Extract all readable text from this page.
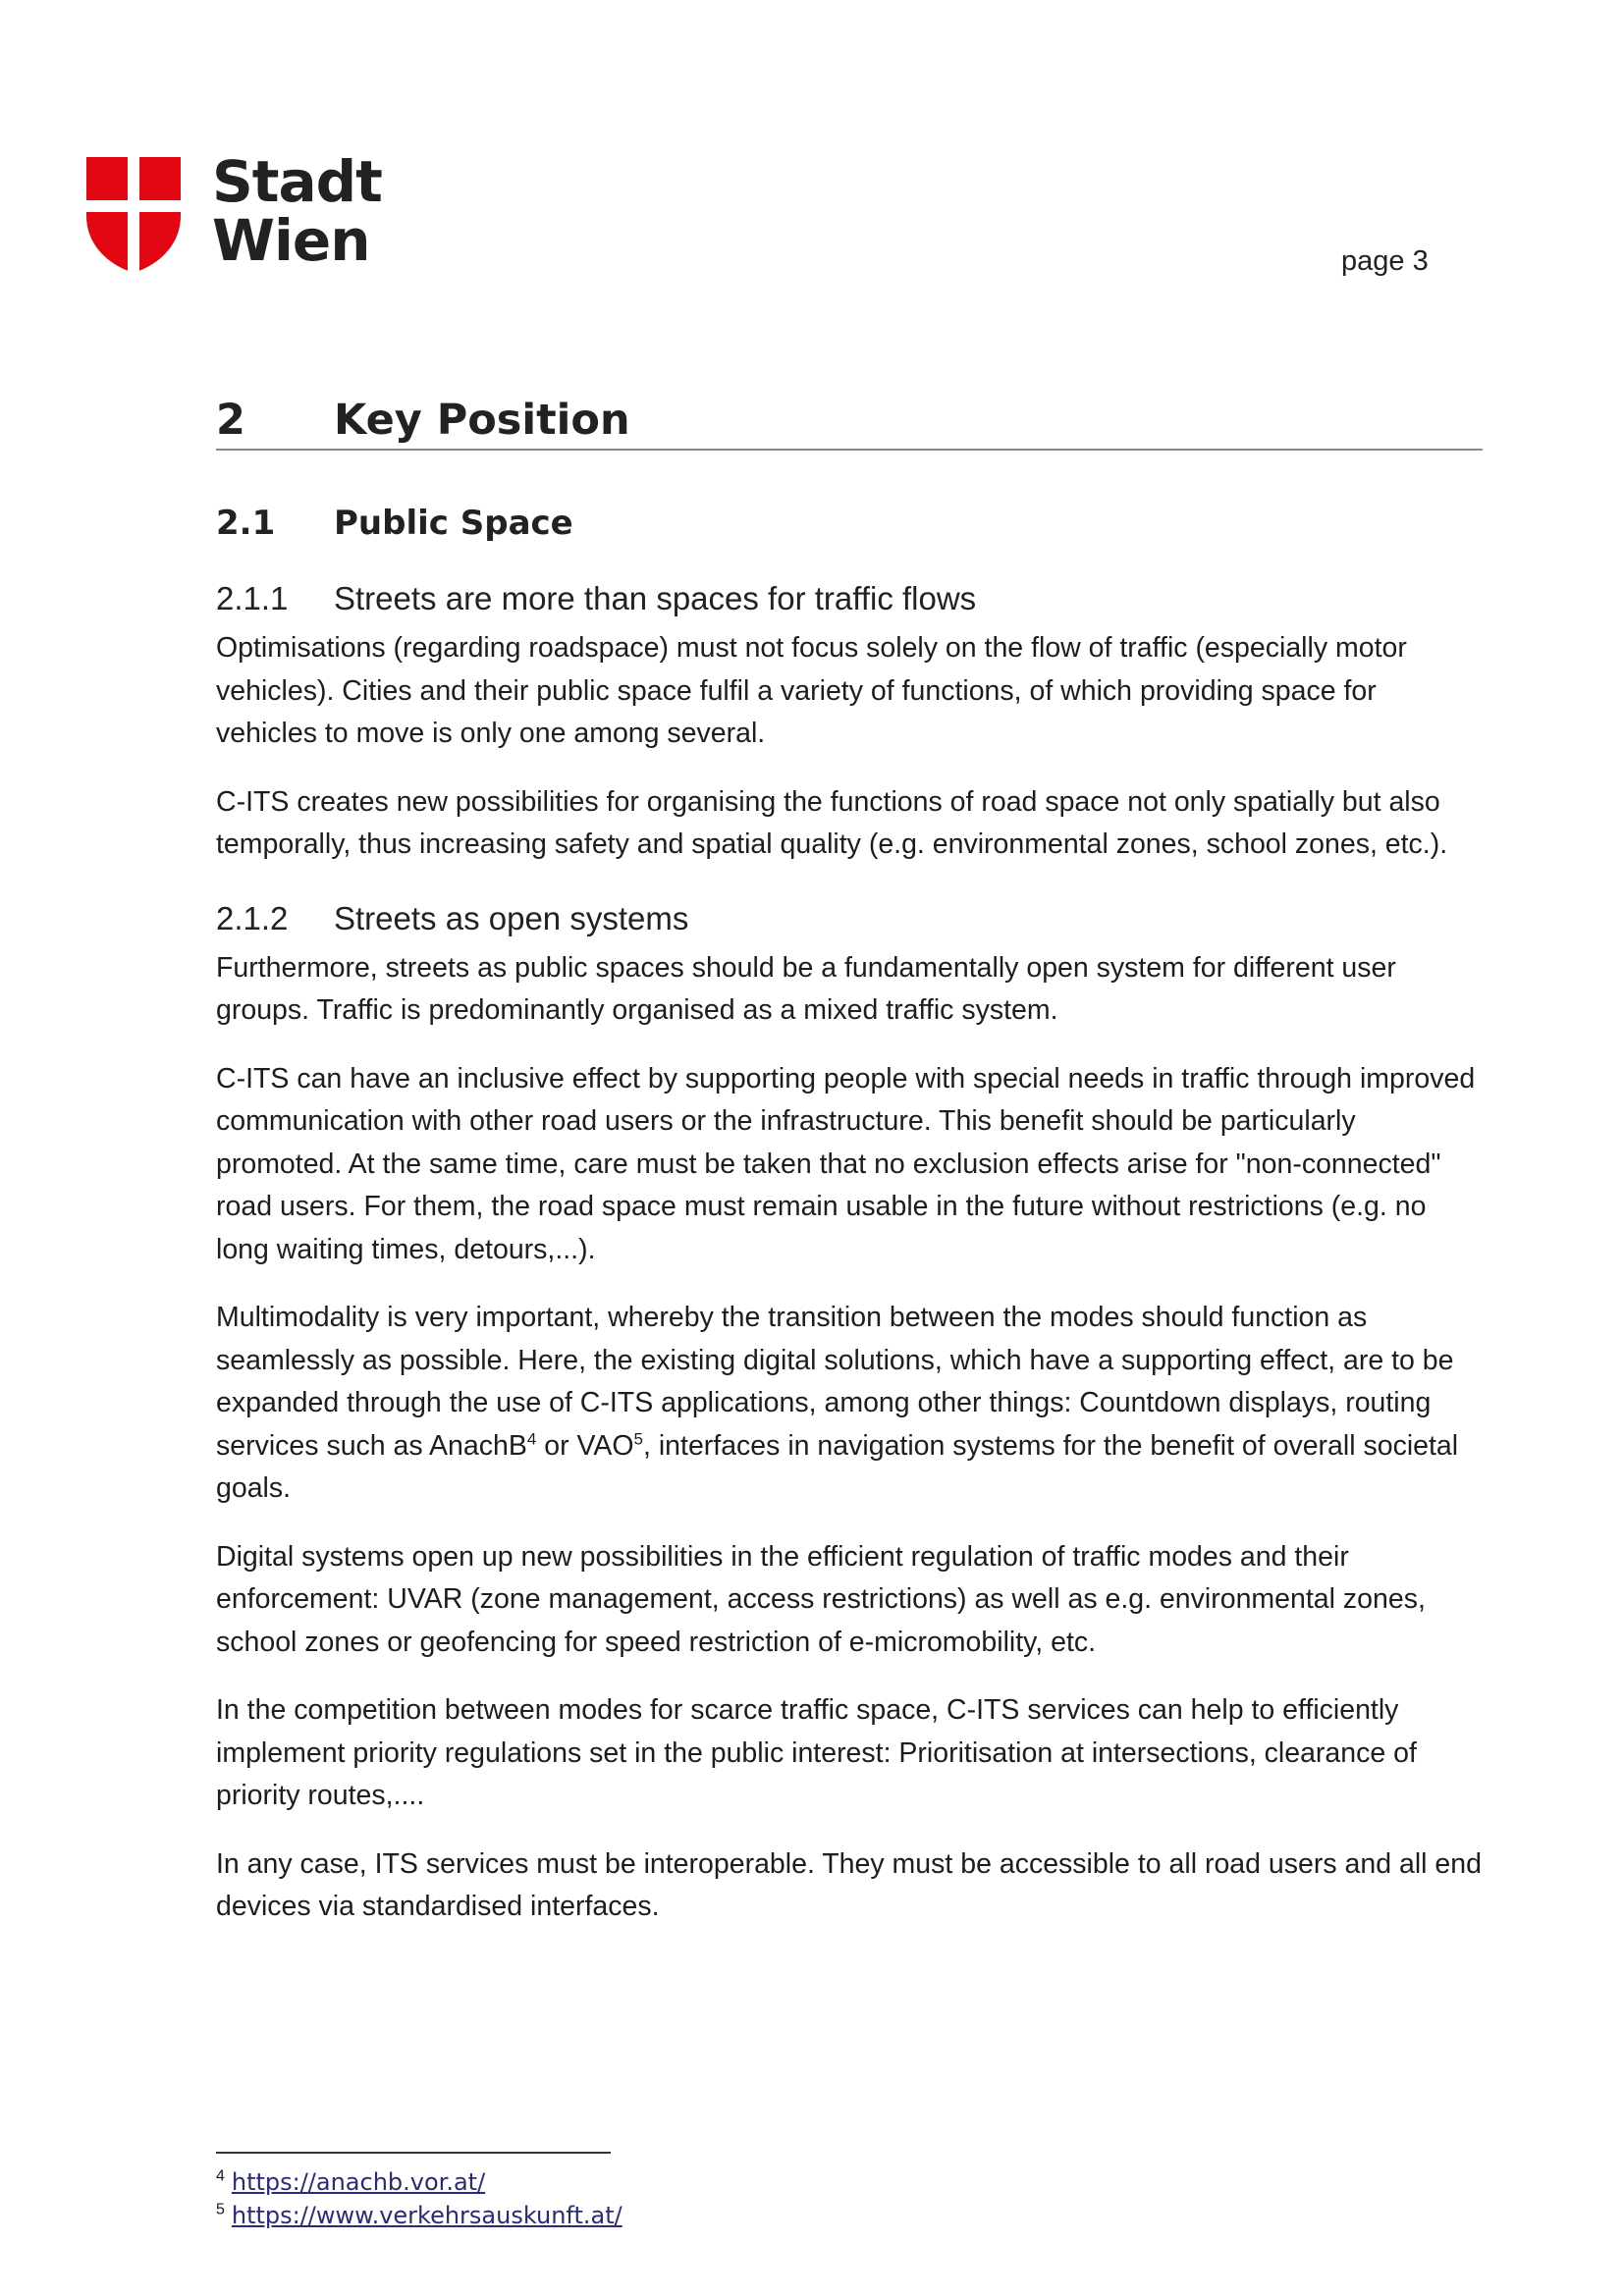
Stadt
Wien	page 3
2 Key Position
2.1 Public Space
2.1.1 Streets are more than spaces for traffic flows

Optimisations (regarding roadspace) must not focus solely on the flow of traffic (especially motor vehicles). Cities and their public space fulfil a variety of functions, of which providing space for vehicles to move is only one among several.

C-ITS creates new possibilities for organising the functions of road space not only spatially but also temporally, thus increasing safety and spatial quality (e.g. environmental zones, school zones, etc.).

2.1.2 Streets as open systems

Furthermore, streets as public spaces should be a fundamentally open system for different user groups. Traffic is predominantly organised as a mixed traffic system.

C-ITS can have an inclusive effect by supporting people with special needs in traffic through improved communication with other road users or the infrastructure. This benefit should be particularly promoted. At the same time, care must be taken that no exclusion effects arise for "non-connected" road users. For them, the road space must remain usable in the future without restrictions (e.g. no long waiting times, detours,...).

Multimodality is very important, whereby the transition between the modes should function as seamlessly as possible. Here, the existing digital solutions, which have a supporting effect, are to be expanded through the use of C-ITS applications, among other things: Countdown displays, routing services such as AnachB$^4$ or VAO$^5$, interfaces in navigation systems for the benefit of overall societal goals.

Digital systems open up new possibilities in the efficient regulation of traffic modes and their enforcement: UVAR (zone management, access restrictions) as well as e.g. environmental zones, school zones or geofencing for speed restriction of e-micromobility, etc.

In the competition between modes for scarce traffic space, C-ITS services can help to efficiently implement priority regulations set in the public interest: Prioritisation at intersections, clearance of priority routes,....

In any case, ITS services must be interoperable. They must be accessible to all road users and all end devices via standardised interfaces.

$^4$ https://anachb.vor.at/
$^5$ https://www.verkehrsauskunft.at/
